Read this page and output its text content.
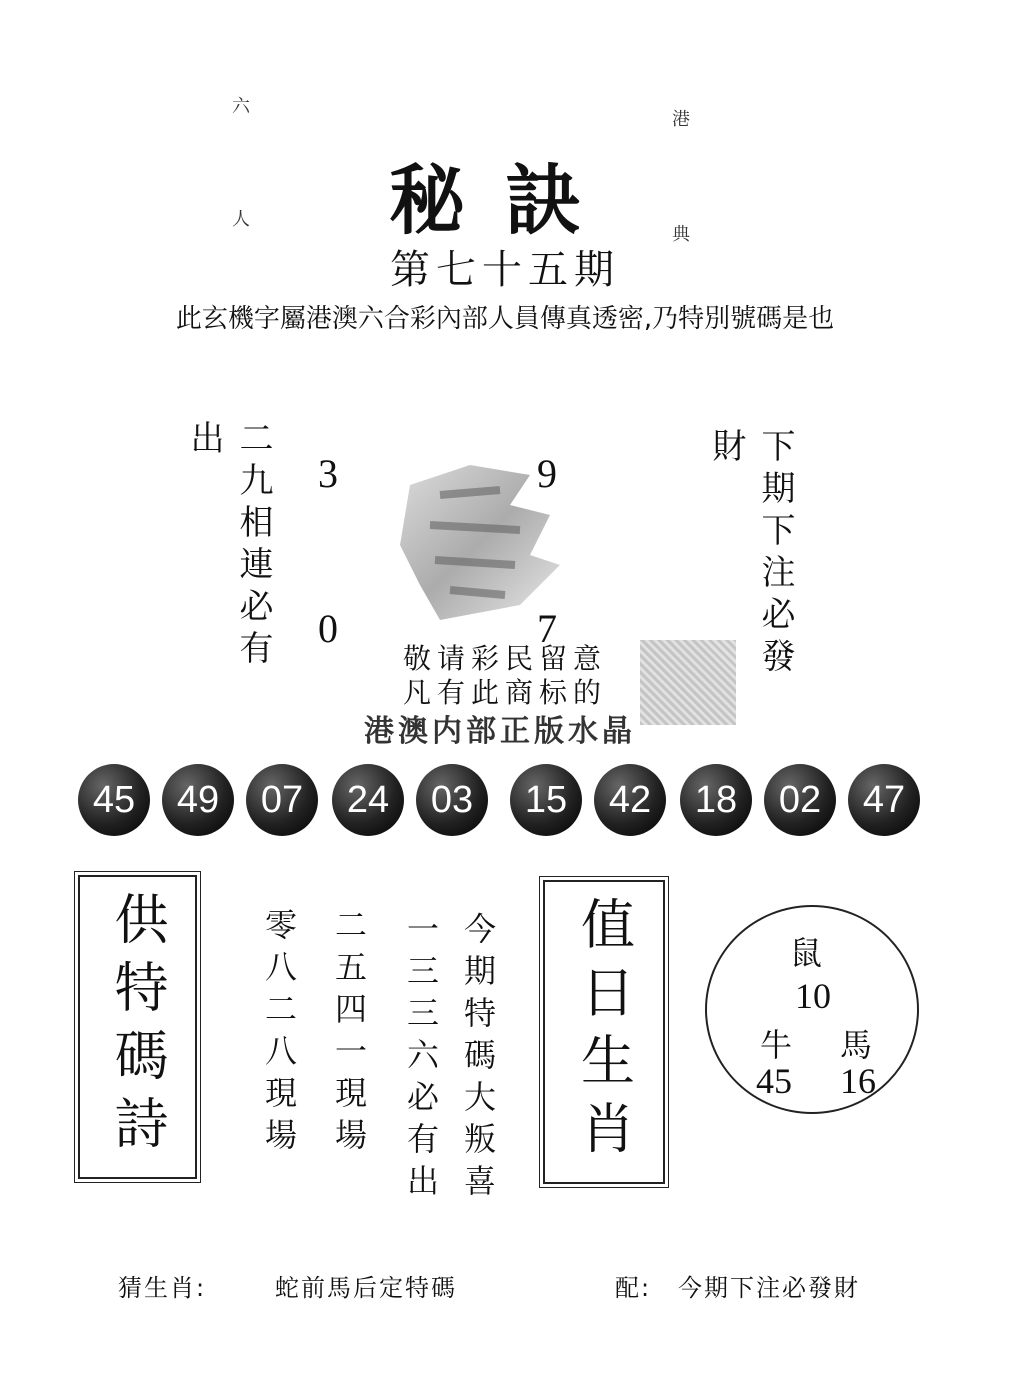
六
港
人
典
秘訣
第七十五期
此玄機字屬港澳六合彩內部人員傳真透密,乃特別號碼是也
二九相連必有出	下期下注必發財
3	9
0	7
敬请彩民留意
凡有此商标的
港澳内部正版水晶
45	49	07	24	03	15	42	18	02	47
供特碼詩	今期特碼大叛喜
一三三六必有出
二五四一現場
零八二八現場	值日生肖	鼠
10
牛 馬
45 16
猜生肖:	蛇前馬后定特碼	配: 今期下注必發財
